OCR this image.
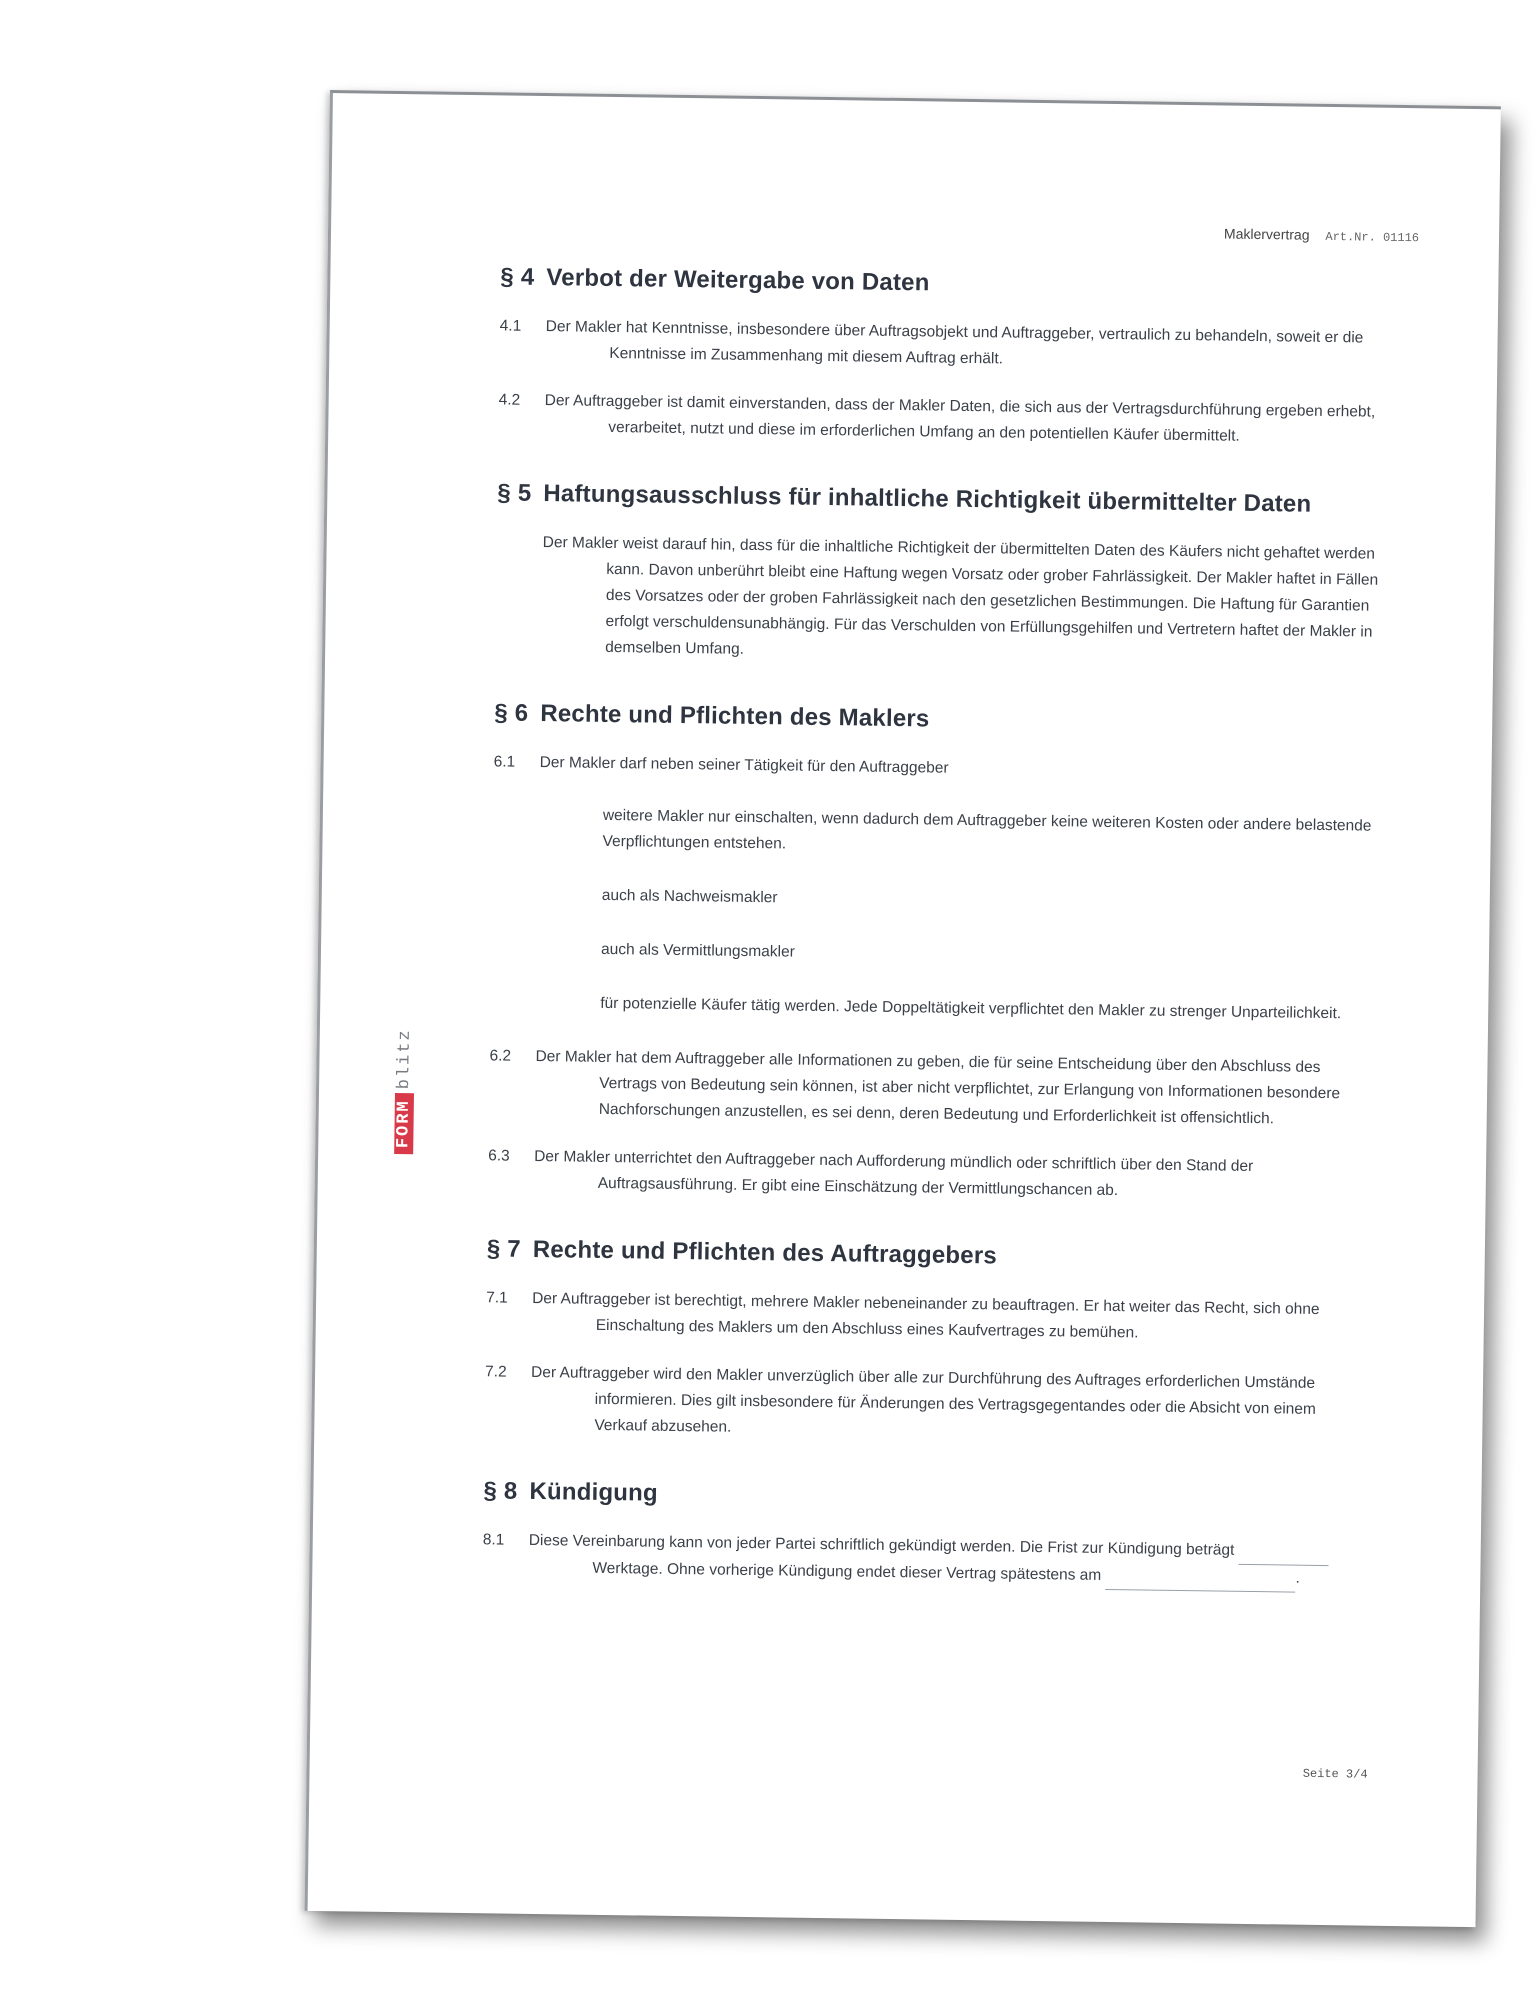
Maklervertrag Art.Nr. 01116
FORMblitz
§ 4 Verbot der Weitergabe von Daten
4.1	Der Makler hat Kenntnisse, insbesondere über Auftragsobjekt und Auftraggeber, vertraulich zu behandeln, soweit er die Kenntnisse im Zusammenhang mit diesem Auftrag erhält.
4.2	Der Auftraggeber ist damit einverstanden, dass der Makler Daten, die sich aus der Vertragsdurchführung ergeben erhebt, verarbeitet, nutzt und diese im erforderlichen Umfang an den potentiellen Käufer übermittelt.
§ 5 Haftungsausschluss für inhaltliche Richtigkeit übermittelter Daten
Der Makler weist darauf hin, dass für die inhaltliche Richtigkeit der übermittelten Daten des Käufers nicht gehaftet werden kann. Davon unberührt bleibt eine Haftung wegen Vorsatz oder grober Fahrlässigkeit. Der Makler haftet in Fällen des Vorsatzes oder der groben Fahrlässigkeit nach den gesetzlichen Bestimmungen. Die Haftung für Garantien erfolgt verschuldensunabhängig. Für das Verschulden von Erfüllungsgehilfen und Vertretern haftet der Makler in demselben Umfang.
§ 6 Rechte und Pflichten des Maklers
6.1	Der Makler darf neben seiner Tätigkeit für den Auftraggeber
weitere Makler nur einschalten, wenn dadurch dem Auftraggeber keine weiteren Kosten oder andere belastende Verpflichtungen entstehen.
auch als Nachweismakler
auch als Vermittlungsmakler
für potenzielle Käufer tätig werden. Jede Doppeltätigkeit verpflichtet den Makler zu strenger Unparteilichkeit.
6.2	Der Makler hat dem Auftraggeber alle Informationen zu geben, die für seine Entscheidung über den Abschluss des Vertrags von Bedeutung sein können, ist aber nicht verpflichtet, zur Erlangung von Informationen besondere Nachforschungen anzustellen, es sei denn, deren Bedeutung und Erforderlichkeit ist offensichtlich.
6.3	Der Makler unterrichtet den Auftraggeber nach Aufforderung mündlich oder schriftlich über den Stand der Auftragsausführung. Er gibt eine Einschätzung der Vermittlungschancen ab.
§ 7 Rechte und Pflichten des Auftraggebers
7.1	Der Auftraggeber ist berechtigt, mehrere Makler nebeneinander zu beauftragen. Er hat weiter das Recht, sich ohne Einschaltung des Maklers um den Abschluss eines Kaufvertrages zu bemühen.
7.2	Der Auftraggeber wird den Makler unverzüglich über alle zur Durchführung des Auftrages erforderlichen Umstände informieren. Dies gilt insbesondere für Änderungen des Vertragsgegentandes oder die Absicht von einem Verkauf abzusehen.
§ 8 Kündigung
8.1	Diese Vereinbarung kann von jeder Partei schriftlich gekündigt werden. Die Frist zur Kündigung beträgt   Werktage. Ohne vorherige Kündigung endet dieser Vertrag spätestens am	.
Seite 3/4
